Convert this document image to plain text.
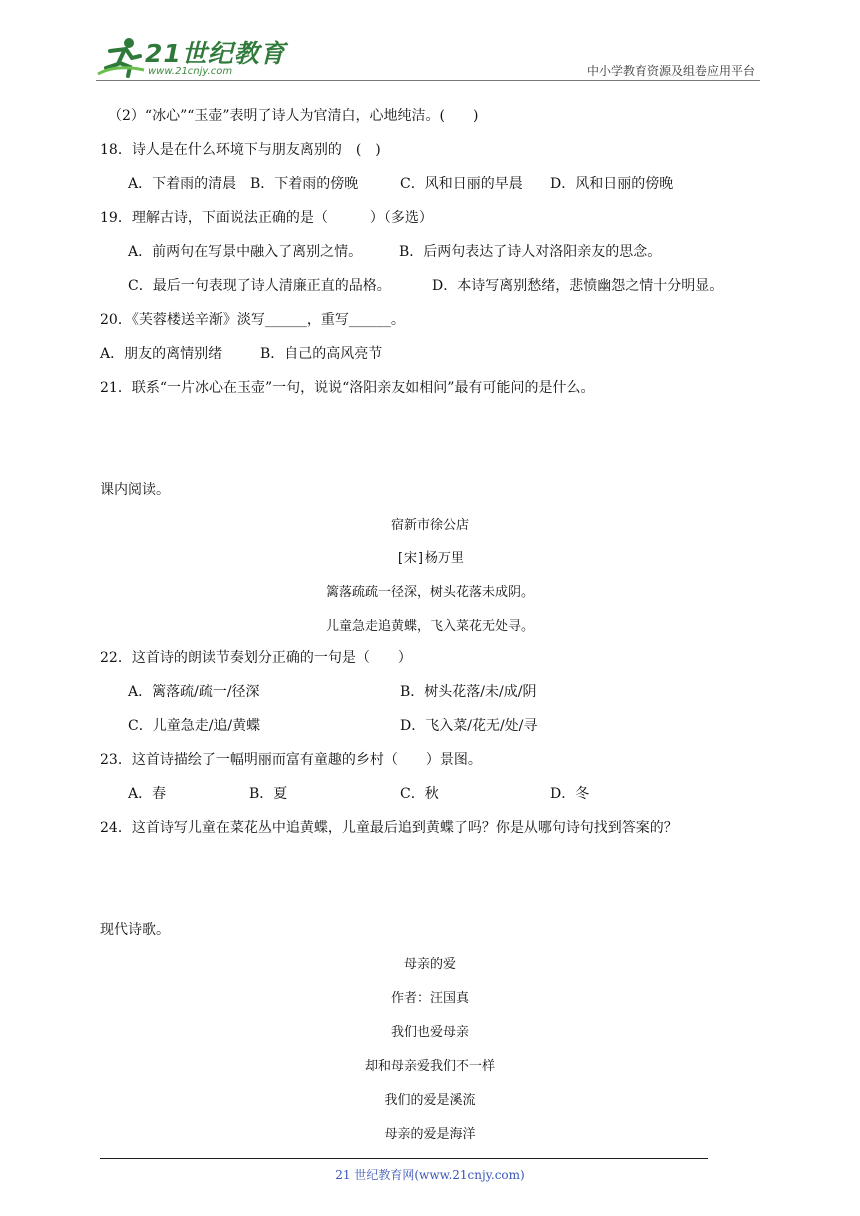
21世纪教育
www.21cnjy.com	中小学教育资源及组卷应用平台
（2）“冰心”“玉壶”表明了诗人为官清白，心地纯洁。(　　)
18．诗人是在什么环境下与朋友离别的　(　)
A．下着雨的清晨 B．下着雨的傍晚	C．风和日丽的早晨 D．风和日丽的傍晚
19．理解古诗，下面说法正确的是（　　　）（多选）
A．前两句在写景中融入了离别之情。	B．后两句表达了诗人对洛阳亲友的思念。
C．最后一句表现了诗人清廉正直的品格。	D．本诗写离别愁绪，悲愤幽怨之情十分明显。
20．《芙蓉楼送辛渐》淡写______，重写______。
A．朋友的离情别绪	B．自己的高风亮节
21．联系“一片冰心在玉壶”一句，说说“洛阳亲友如相问”最有可能问的是什么。
课内阅读。
宿新市徐公店
[宋]杨万里
篱落疏疏一径深，树头花落未成阴。
儿童急走追黄蝶，飞入菜花无处寻。
22．这首诗的朗读节奏划分正确的一句是（　　）
A．篱落疏/疏一/径深	B．树头花落/未/成/阴
C．儿童急走/追/黄蝶	D．飞入菜/花无/处/寻
23．这首诗描绘了一幅明丽而富有童趣的乡村（　　）景图。
A．春	B．夏	C．秋	D．冬
24．这首诗写儿童在菜花丛中追黄蝶，儿童最后追到黄蝶了吗？你是从哪句诗句找到答案的？
现代诗歌。
母亲的爱
作者：汪国真
我们也爱母亲
却和母亲爱我们不一样
我们的爱是溪流
母亲的爱是海洋
21 世纪教育网(www.21cnjy.com)
